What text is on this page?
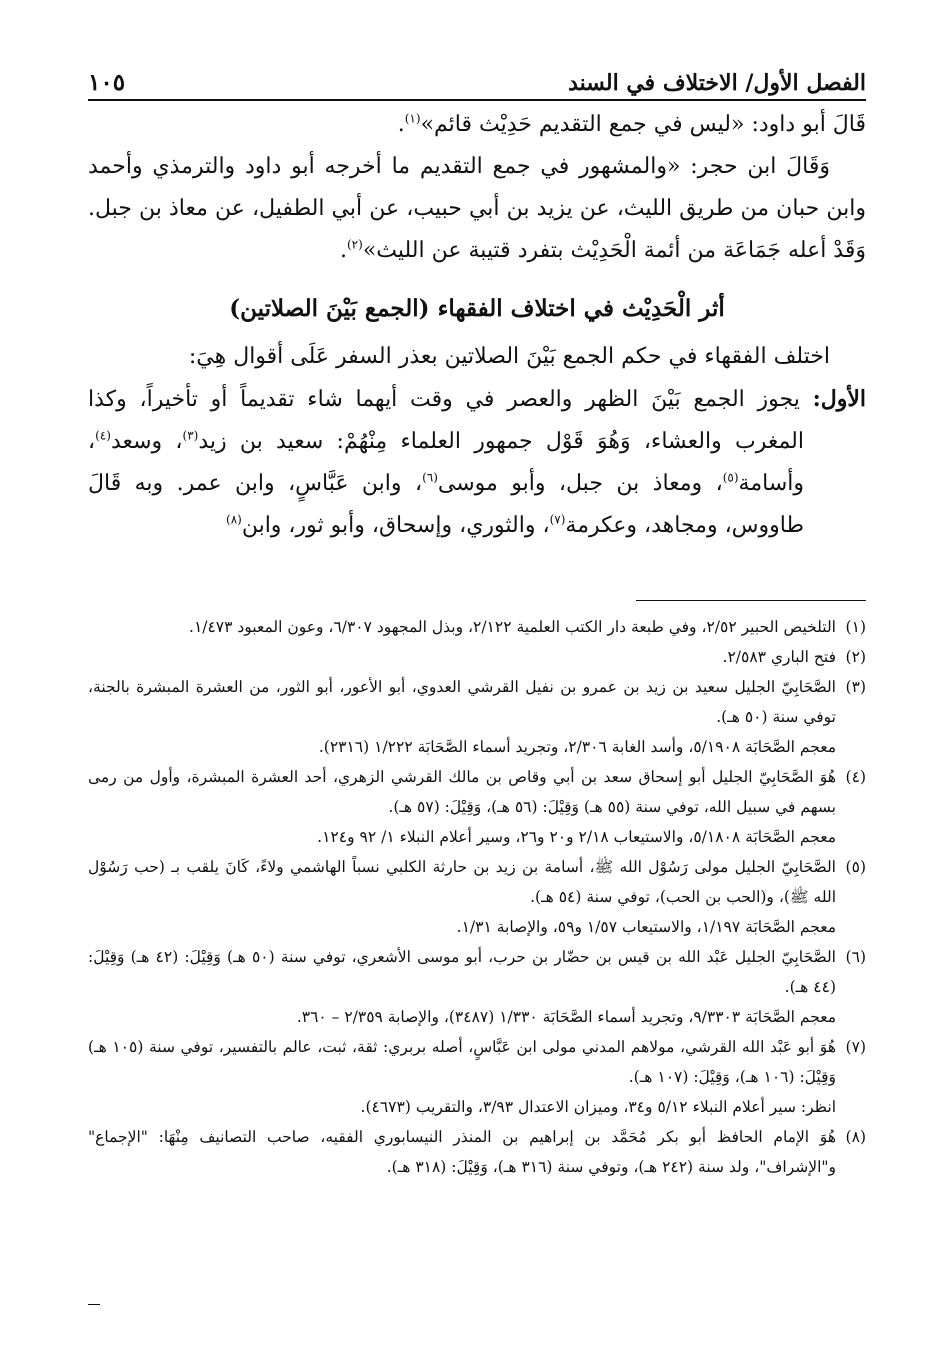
١٠٥	الفصل الأول/ الاختلاف في السند

قَالَ أبو داود: «ليس في جمع التقديم حَدِيْث قائم»$^{(١)}$.

وَقَالَ ابن حجر: «والمشهور في جمع التقديم ما أخرجه أبو داود والترمذي وأحمد وابن حبان من طريق الليث، عن يزيد بن أبي حبيب، عن أبي الطفيل، عن معاذ بن جبل. وَقَدْ أعله جَمَاعَة من أئمة الْحَدِيْث بتفرد قتيبة عن الليث»$^{(٢)}$.

أثر الْحَدِيْث في اختلاف الفقهاء (الجمع بَيْنَ الصلاتين)

اختلف الفقهاء في حكم الجمع بَيْنَ الصلاتين بعذر السفر عَلَى أقوال هِيَ:

الأول: يجوز الجمع بَيْنَ الظهر والعصر في وقت أيهما شاء تقديماً أو تأخيراً، وكذا المغرب والعشاء، وَهُوَ قَوْل جمهور العلماء مِنْهُمْ: سعيد بن زيد$^{(٣)}$، وسعد$^{(٤)}$، وأسامة$^{(٥)}$، ومعاذ بن جبل، وأبو موسى$^{(٦)}$، وابن عَبَّاسٍ، وابن عمر. وبه قَالَ طاووس، ومجاهد، وعكرمة$^{(٧)}$، والثوري، وإسحاق، وأبو ثور، وابن$^{(٨)}$

(١)التلخيص الحبير ٢/٥٢، وفي طبعة دار الكتب العلمية ٢/١٢٢، وبذل المجهود ٦/٣٠٧، وعون المعبود ١/٤٧٣.

(٢)فتح الباري ٢/٥٨٣.

(٣)الصَّحَابِيّ الجليل سعيد بن زيد بن عمرو بن نفيل القرشي العدوي، أبو الأعور، أبو الثور، من العشرة المبشرة بالجنة، توفي سنة (٥٠ هـ).

معجم الصَّحَابَة ٥/١٩٠٨، وأسد الغابة ٢/٣٠٦، وتجريد أسماء الصَّحَابَة ١/٢٢٢ (٢٣١٦).

(٤)هُوَ الصَّحَابِيّ الجليل أبو إسحاق سعد بن أبي وقاص بن مالك القرشي الزهري، أحد العشرة المبشرة، وأول من رمى بسهم في سبيل الله، توفي سنة (٥٥ هـ) وَقِيْلَ: (٥٦ هـ)، وَقِيْلَ: (٥٧ هـ).

معجم الصَّحَابَة ٥/١٨٠٨، والاستيعاب ٢/١٨ و٢٠ و٢٦، وسير أعلام النبلاء ١/ ٩٢ و١٢٤.

(٥)الصَّحَابِيّ الجليل مولى رَسُوْل الله ﷺ، أسامة بن زيد بن حارثة الكلبي نسباً الهاشمي ولاءً، كَانَ يلقب بـ (حب رَسُوْل الله ﷺ)، و(الحب بن الحب)، توفي سنة (٥٤ هـ).

معجم الصَّحَابَة ١/١٩٧، والاستيعاب ١/٥٧ و٥٩، والإصابة ١/٣١.

(٦)الصَّحَابِيّ الجليل عَبْد الله بن قيس بن حضّار بن حرب، أبو موسى الأشعري، توفي سنة (٥٠ هـ) وَقِيْلَ: (٤٢ هـ) وَقِيْلَ: (٤٤ هـ).

معجم الصَّحَابَة ٩/٣٣٠٣، وتجريد أسماء الصَّحَابَة ١/٣٣٠ (٣٤٨٧)، والإصابة ٢/٣٥٩ – ٣٦٠.

(٧)هُوَ أبو عَبْد الله القرشي، مولاهم المدني مولى ابن عَبَّاسٍ، أصله بربري: ثقة، ثبت، عالم بالتفسير، توفي سنة (١٠٥ هـ) وَقِيْلَ: (١٠٦ هـ)، وَقِيْلَ: (١٠٧ هـ).

انظر: سير أعلام النبلاء ٥/١٢ و٣٤، وميزان الاعتدال ٣/٩٣، والتقريب (٤٦٧٣).

(٨)هُوَ الإمام الحافظ أبو بكر مُحَمَّد بن إبراهيم بن المنذر النيسابوري الفقيه، صاحب التصانيف مِنْهَا: "الإجماع" و"الإشراف"، ولد سنة (٢٤٢ هـ)، وتوفي سنة (٣١٦ هـ)، وَقِيْلَ: (٣١٨ هـ).
